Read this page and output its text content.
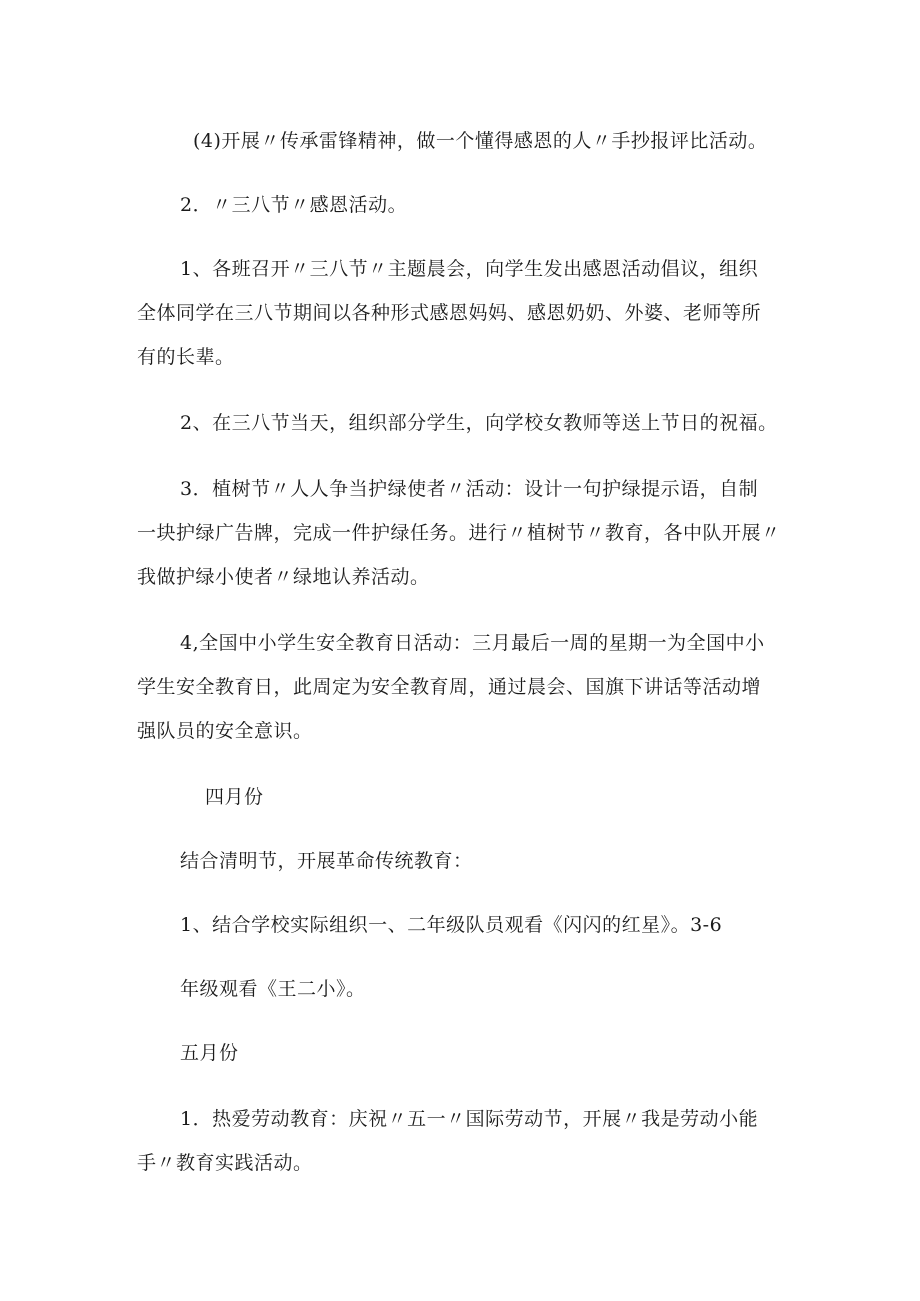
(4)开展〃传承雷锋精神，做一个懂得感恩的人〃手抄报评比活动。
2．〃三八节〃感恩活动。
1、各班召开〃三八节〃主题晨会，向学生发出感恩活动倡议，组织
全体同学在三八节期间以各种形式感恩妈妈、感恩奶奶、外婆、老师等所
有的长辈。
2、在三八节当天，组织部分学生，向学校女教师等送上节日的祝福。
3．植树节〃人人争当护绿使者〃活动：设计一句护绿提示语，自制
一块护绿广告牌，完成一件护绿任务。进行〃植树节〃教育，各中队开展〃
我做护绿小使者〃绿地认养活动。
4,全国中小学生安全教育日活动：三月最后一周的星期一为全国中小
学生安全教育日，此周定为安全教育周，通过晨会、国旗下讲话等活动增
强队员的安全意识。
四月份
结合清明节，开展革命传统教育：
1、结合学校实际组织一、二年级队员观看《闪闪的红星》。3-6
年级观看《王二小》。
五月份
1．热爱劳动教育：庆祝〃五一〃国际劳动节，开展〃我是劳动小能
手〃教育实践活动。
